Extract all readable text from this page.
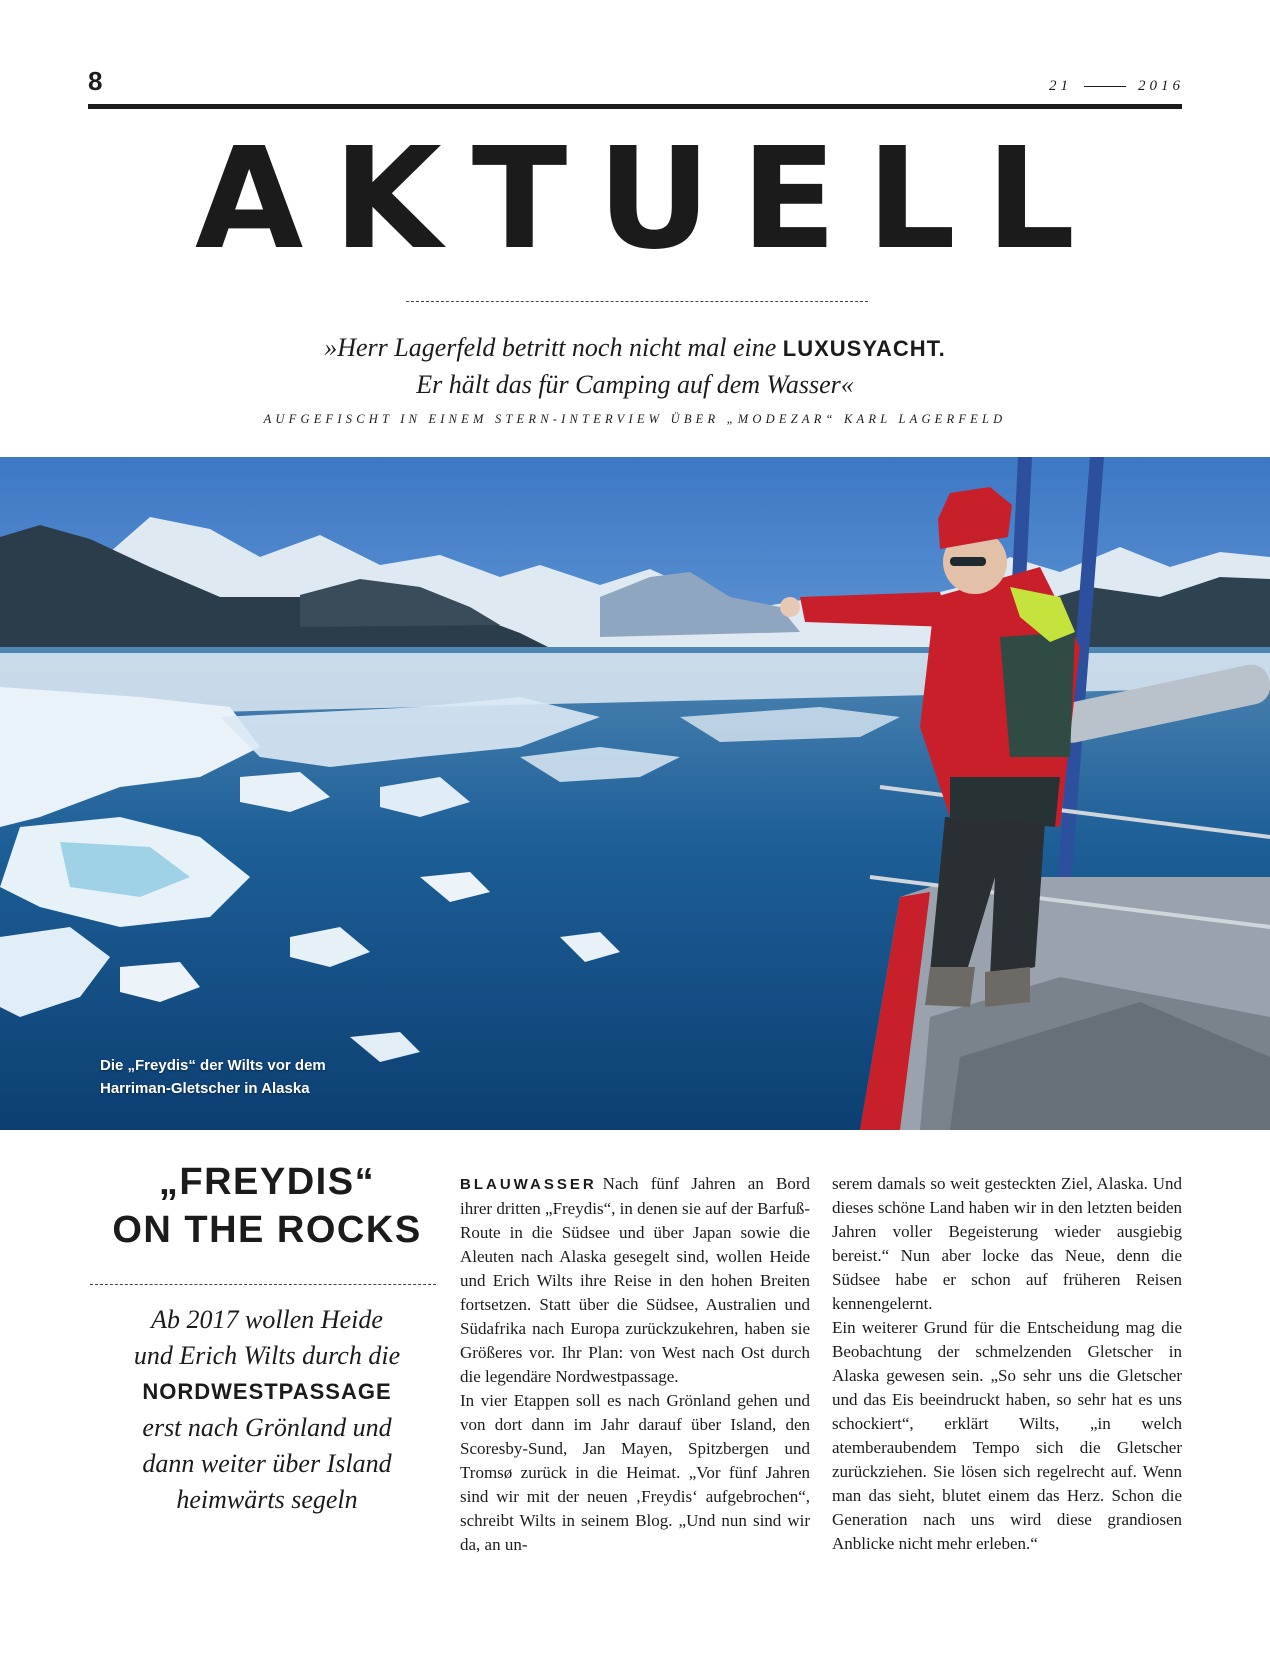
8	21	2016
AKTUELL
»Herr Lagerfeld betritt noch nicht mal eine LUXUSYACHT.
Er hält das für Camping auf dem Wasser«
AUFGEFISCHT IN EINEM STERN-INTERVIEW ÜBER „MODEZAR“ KARL LAGERFELD
Die „Freydis“ der Wilts vor dem
Harriman-Gletscher in Alaska
„FREYDIS“
ON THE ROCKS
Ab 2017 wollen Heide
und Erich Wilts durch die
NORDWESTPASSAGE
erst nach Grönland und
dann weiter über Island
heimwärts segeln

BLAUWASSER Nach fünf Jahren an Bord ihrer dritten „Freydis“, in denen sie auf der Barfuß-Route in die Südsee und über Japan sowie die Aleuten nach Alaska gesegelt sind, wollen Heide und Erich Wilts ihre Reise in den hohen Breiten fortsetzen. Statt über die Südsee, Australien und Südafrika nach Europa zurückzukehren, haben sie Größeres vor. Ihr Plan: von West nach Ost durch die legendäre Nordwestpassage.

In vier Etappen soll es nach Grönland gehen und von dort dann im Jahr darauf über Island, den Scoresby-Sund, Jan Mayen, Spitzbergen und Tromsø zurück in die Heimat. „Vor fünf Jahren sind wir mit der neuen ‚Freydis‘ aufgebrochen“, schreibt Wilts in seinem Blog. „Und nun sind wir da, an un-

serem damals so weit gesteckten Ziel, Alaska. Und dieses schöne Land haben wir in den letzten beiden Jahren voller Begeisterung wieder ausgiebig bereist.“ Nun aber locke das Neue, denn die Südsee habe er schon auf früheren Reisen kennengelernt.

Ein weiterer Grund für die Entscheidung mag die Beobachtung der schmelzenden Gletscher in Alaska gewesen sein. „So sehr uns die Gletscher und das Eis beeindruckt haben, so sehr hat es uns schockiert“, erklärt Wilts, „in welch atemberaubendem Tempo sich die Gletscher zurückziehen. Sie lösen sich regelrecht auf. Wenn man das sieht, blutet einem das Herz. Schon die Generation nach uns wird diese grandiosen Anblicke nicht mehr erleben.“
